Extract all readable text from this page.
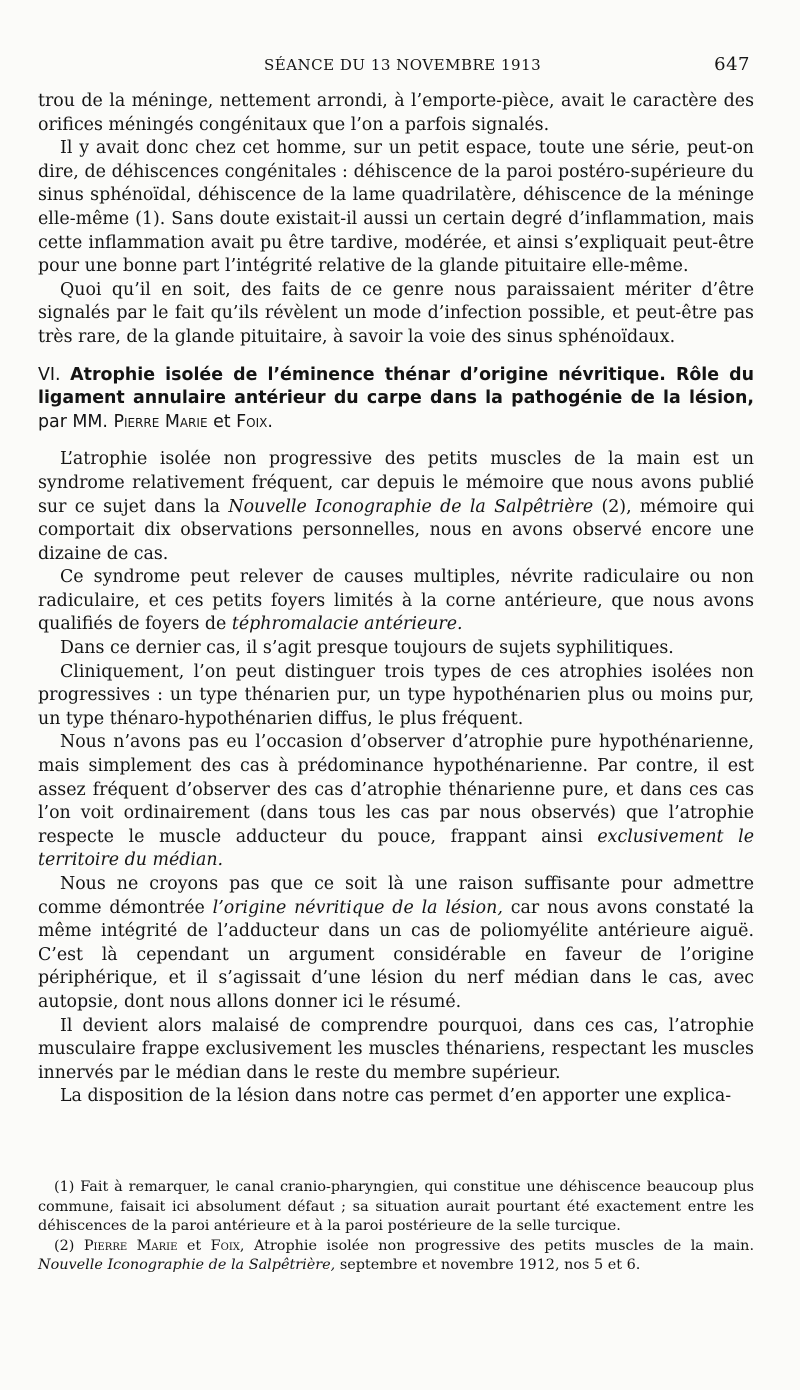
SÉANCE DU 13 NOVEMBRE 1913	647

trou de la méninge, nettement arrondi, à l’emporte-pièce, avait le caractère des orifices méningés congénitaux que l’on a parfois signalés.

Il y avait donc chez cet homme, sur un petit espace, toute une série, peut-on dire, de déhiscences congénitales : déhiscence de la paroi postéro-supérieure du sinus sphénoïdal, déhiscence de la lame quadrilatère, déhiscence de la méninge elle-même (1). Sans doute existait-il aussi un certain degré d’inflammation, mais cette inflammation avait pu être tardive, modérée, et ainsi s’expliquait peut-être pour une bonne part l’intégrité relative de la glande pituitaire elle-même.

Quoi qu’il en soit, des faits de ce genre nous paraissaient mériter d’être signalés par le fait qu’ils révèlent un mode d’infection possible, et peut-être pas très rare, de la glande pituitaire, à savoir la voie des sinus sphénoïdaux.

VI. Atrophie isolée de l’éminence thénar d’origine névritique. Rôle du ligament annulaire antérieur du carpe dans la pathogénie de la lésion, par MM. Pierre Marie et Foix.

L’atrophie isolée non progressive des petits muscles de la main est un syndrome relativement fréquent, car depuis le mémoire que nous avons publié sur ce sujet dans la Nouvelle Iconographie de la Salpêtrière (2), mémoire qui comportait dix observations personnelles, nous en avons observé encore une dizaine de cas.

Ce syndrome peut relever de causes multiples, névrite radiculaire ou non radiculaire, et ces petits foyers limités à la corne antérieure, que nous avons qualifiés de foyers de téphromalacie antérieure.

Dans ce dernier cas, il s’agit presque toujours de sujets syphilitiques.

Cliniquement, l’on peut distinguer trois types de ces atrophies isolées non progressives : un type thénarien pur, un type hypothénarien plus ou moins pur, un type thénaro-hypothénarien diffus, le plus fréquent.

Nous n’avons pas eu l’occasion d’observer d’atrophie pure hypothénarienne, mais simplement des cas à prédominance hypothénarienne. Par contre, il est assez fréquent d’observer des cas d’atrophie thénarienne pure, et dans ces cas l’on voit ordinairement (dans tous les cas par nous observés) que l’atrophie respecte le muscle adducteur du pouce, frappant ainsi exclusivement le territoire du médian.

Nous ne croyons pas que ce soit là une raison suffisante pour admettre comme démontrée l’origine névritique de la lésion, car nous avons constaté la même intégrité de l’adducteur dans un cas de poliomyélite antérieure aiguë. C’est là cependant un argument considérable en faveur de l’origine périphérique, et il s’agissait d’une lésion du nerf médian dans le cas, avec autopsie, dont nous allons donner ici le résumé.

Il devient alors malaisé de comprendre pourquoi, dans ces cas, l’atrophie musculaire frappe exclusivement les muscles thénariens, respectant les muscles innervés par le médian dans le reste du membre supérieur.

La disposition de la lésion dans notre cas permet d’en apporter une explica-

(1) Fait à remarquer, le canal cranio-pharyngien, qui constitue une déhiscence beaucoup plus commune, faisait ici absolument défaut ; sa situation aurait pourtant été exactement entre les déhiscences de la paroi antérieure et à la paroi postérieure de la selle turcique.

(2) Pierre Marie et Foix, Atrophie isolée non progressive des petits muscles de la main. Nouvelle Iconographie de la Salpêtrière, septembre et novembre 1912, nos 5 et 6.
